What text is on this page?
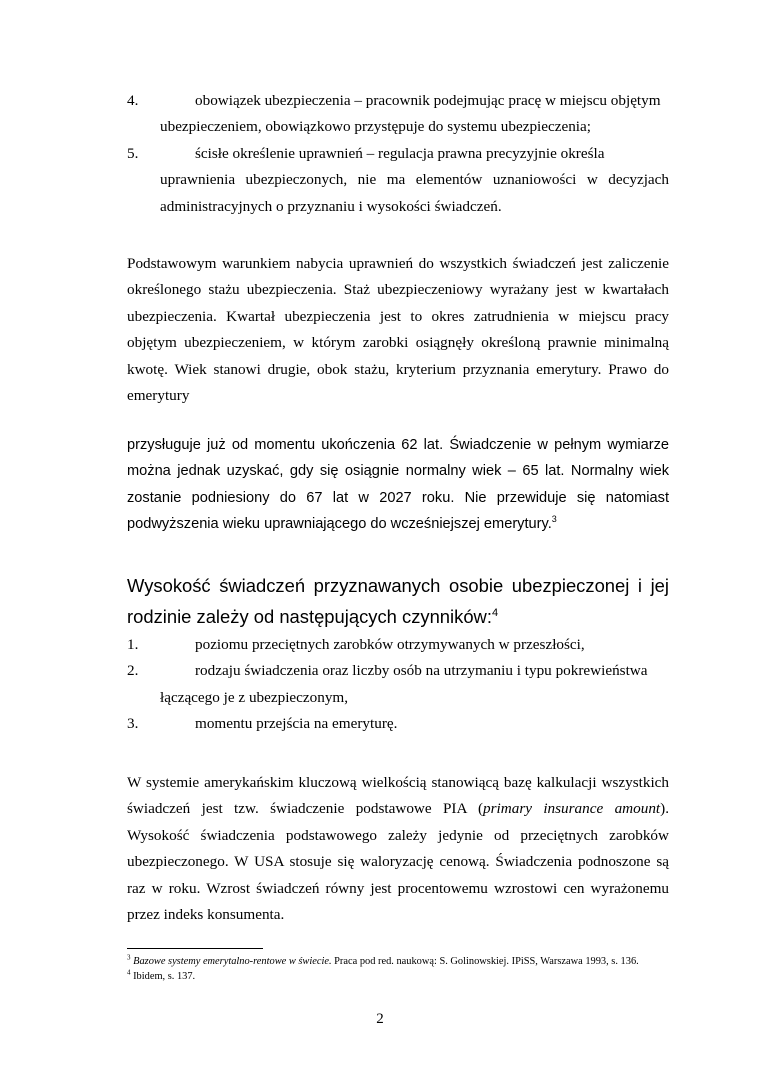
4.	obowiązek ubezpieczenia – pracownik podejmując pracę w miejscu objętym ubezpieczeniem, obowiązkowo przystępuje do systemu ubezpieczenia;
5.	ścisłe określenie uprawnień – regulacja prawna precyzyjnie określa uprawnienia ubezpieczonych, nie ma elementów uznaniowości w decyzjach administracyjnych o przyznaniu i wysokości świadczeń.
Podstawowym warunkiem nabycia uprawnień do wszystkich świadczeń jest zaliczenie określonego stażu ubezpieczenia. Staż ubezpieczeniowy wyrażany jest w kwartałach ubezpieczenia. Kwartał ubezpieczenia jest to okres zatrudnienia w miejscu pracy objętym ubezpieczeniem, w którym zarobki osiągnęły określoną prawnie minimalną kwotę. Wiek stanowi drugie, obok stażu, kryterium przyznania emerytury. Prawo do emerytury
przysługuje już od momentu ukończenia 62 lat. Świadczenie w pełnym wymiarze można jednak uzyskać, gdy się osiągnie normalny wiek – 65 lat. Normalny wiek zostanie podniesiony do 67 lat w 2027 roku. Nie przewiduje się natomiast podwyższenia wieku uprawniającego do wcześniejszej emerytury.$^3$
Wysokość świadczeń przyznawanych osobie ubezpieczonej i jej rodzinie zależy od następujących czynników:$^4$
1.	poziomu przeciętnych zarobków otrzymywanych w przeszłości,
2.	rodzaju świadczenia oraz liczby osób na utrzymaniu i typu pokrewieństwa łączącego je z ubezpieczonym,
3.	momentu przejścia na emeryturę.
W systemie amerykańskim kluczową wielkością stanowiącą bazę kalkulacji wszystkich świadczeń jest tzw. świadczenie podstawowe PIA (primary insurance amount). Wysokość świadczenia podstawowego zależy jedynie od przeciętnych zarobków ubezpieczonego. W USA stosuje się waloryzację cenową. Świadczenia podnoszone są raz w roku. Wzrost świadczeń równy jest procentowemu wzrostowi cen wyrażonemu przez indeks konsumenta.
$^3$ Bazowe systemy emerytalno-rentowe w świecie. Praca pod red. naukową: S. Golinowskiej. IPiSS, Warszawa 1993, s. 136.
$^4$ Ibidem, s. 137.
2
